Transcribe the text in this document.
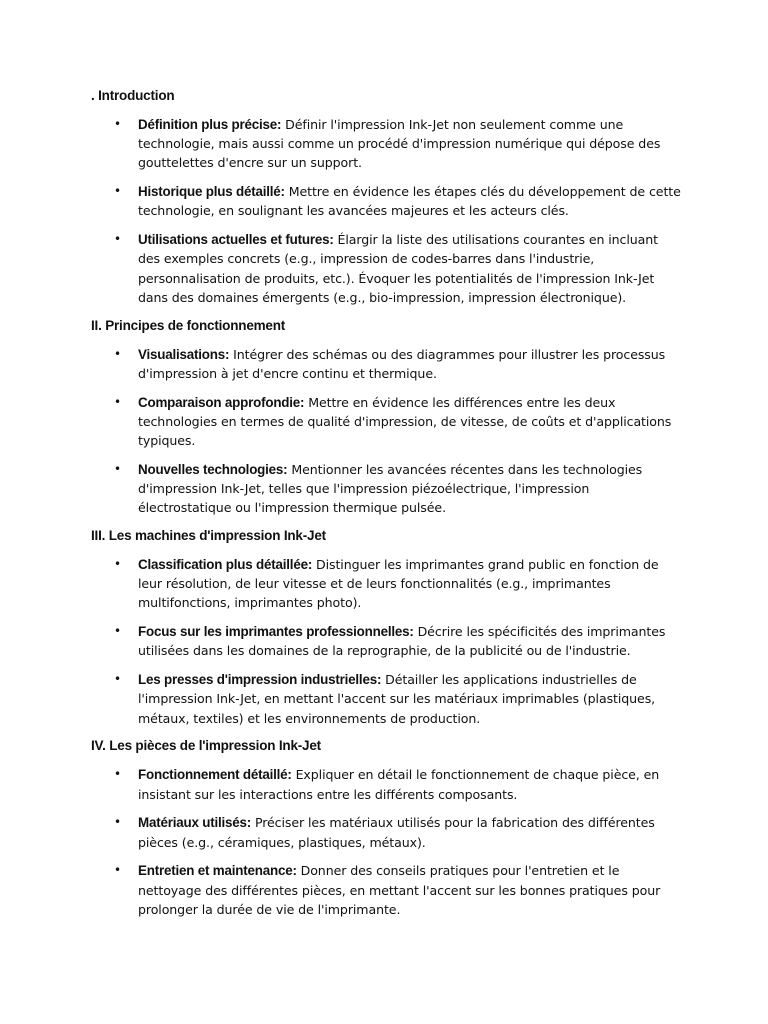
. Introduction

• Définition plus précise: Définir l'impression Ink-Jet non seulement comme une technologie, mais aussi comme un procédé d'impression numérique qui dépose des gouttelettes d'encre sur un support.
• Historique plus détaillé: Mettre en évidence les étapes clés du développement de cette technologie, en soulignant les avancées majeures et les acteurs clés.
• Utilisations actuelles et futures: Élargir la liste des utilisations courantes en incluant des exemples concrets (e.g., impression de codes-barres dans l'industrie, personnalisation de produits, etc.). Évoquer les potentialités de l'impression Ink-Jet dans des domaines émergents (e.g., bio-impression, impression électronique).

II. Principes de fonctionnement

• Visualisations: Intégrer des schémas ou des diagrammes pour illustrer les processus d'impression à jet d'encre continu et thermique.
• Comparaison approfondie: Mettre en évidence les différences entre les deux technologies en termes de qualité d'impression, de vitesse, de coûts et d'applications typiques.
• Nouvelles technologies: Mentionner les avancées récentes dans les technologies d'impression Ink-Jet, telles que l'impression piézoélectrique, l'impression électrostatique ou l'impression thermique pulsée.

III. Les machines d'impression Ink-Jet

• Classification plus détaillée: Distinguer les imprimantes grand public en fonction de leur résolution, de leur vitesse et de leurs fonctionnalités (e.g., imprimantes multifonctions, imprimantes photo).
• Focus sur les imprimantes professionnelles: Décrire les spécificités des imprimantes utilisées dans les domaines de la reprographie, de la publicité ou de l'industrie.
• Les presses d'impression industrielles: Détailler les applications industrielles de l'impression Ink-Jet, en mettant l'accent sur les matériaux imprimables (plastiques, métaux, textiles) et les environnements de production.

IV. Les pièces de l'impression Ink-Jet

• Fonctionnement détaillé: Expliquer en détail le fonctionnement de chaque pièce, en insistant sur les interactions entre les différents composants.
• Matériaux utilisés: Préciser les matériaux utilisés pour la fabrication des différentes pièces (e.g., céramiques, plastiques, métaux).
• Entretien et maintenance: Donner des conseils pratiques pour l'entretien et le nettoyage des différentes pièces, en mettant l'accent sur les bonnes pratiques pour prolonger la durée de vie de l'imprimante.
